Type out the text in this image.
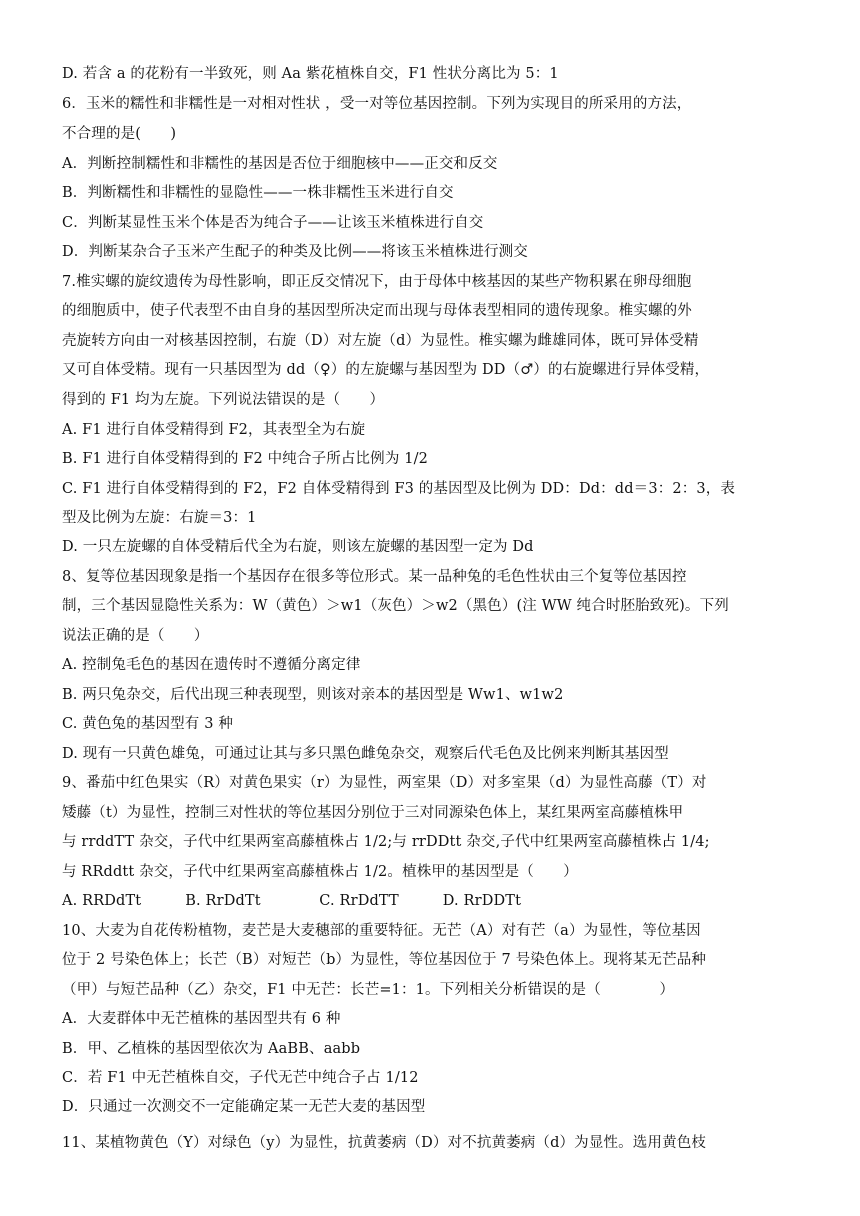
D. 若含 a 的花粉有一半致死，则 Aa 紫花植株自交，F1 性状分离比为 5：1
6．玉米的糯性和非糯性是一对相对性状 ，受一对等位基因控制。下列为实现目的所采用的方法，
不合理的是(　　)
A．判断控制糯性和非糯性的基因是否位于细胞核中——正交和反交
B．判断糯性和非糯性的显隐性——一株非糯性玉米进行自交
C．判断某显性玉米个体是否为纯合子——让该玉米植株进行自交
D．判断某杂合子玉米产生配子的种类及比例——将该玉米植株进行测交
7.椎实螺的旋纹遗传为母性影响，即正反交情况下，由于母体中核基因的某些产物积累在卵母细胞
的细胞质中，使子代表型不由自身的基因型所决定而出现与母体表型相同的遗传现象。椎实螺的外
壳旋转方向由一对核基因控制，右旋（D）对左旋（d）为显性。椎实螺为雌雄同体，既可异体受精
又可自体受精。现有一只基因型为 dd（♀）的左旋螺与基因型为 DD（♂）的右旋螺进行异体受精，
得到的 F1 均为左旋。下列说法错误的是（　　）
A. F1 进行自体受精得到 F2，其表型全为右旋
B. F1 进行自体受精得到的 F2 中纯合子所占比例为 1/2
C. F1 进行自体受精得到的 F2，F2 自体受精得到 F3 的基因型及比例为 DD：Dd：dd＝3：2：3，表
型及比例为左旋：右旋＝3：1
D. 一只左旋螺的自体受精后代全为右旋，则该左旋螺的基因型一定为 Dd
8、复等位基因现象是指一个基因存在很多等位形式。某一品种兔的毛色性状由三个复等位基因控
制，三个基因显隐性关系为：W（黄色）＞w1（灰色）＞w2（黑色）(注 WW 纯合时胚胎致死)。下列
说法正确的是（　　）
A. 控制兔毛色的基因在遗传时不遵循分离定律
B. 两只兔杂交，后代出现三种表现型，则该对亲本的基因型是 Ww1、w1w2
C. 黄色兔的基因型有 3 种
D. 现有一只黄色雄兔，可通过让其与多只黑色雌兔杂交，观察后代毛色及比例来判断其基因型
9、番茄中红色果实（R）对黄色果实（r）为显性，两室果（D）对多室果（d）为显性高藤（T）对
矮藤（t）为显性，控制三对性状的等位基因分别位于三对同源染色体上，某红果两室高藤植株甲
与 rrddTT 杂交，子代中红果两室高藤植株占 1/2;与 rrDDtt 杂交,子代中红果两室高藤植株占 1/4;
与 RRddtt 杂交，子代中红果两室高藤植株占 1/2。植株甲的基因型是（　　）
A. RRDdTt　　　B. RrDdTt　　　　C. RrDdTT　　　D. RrDDTt
10、大麦为自花传粉植物，麦芒是大麦穗部的重要特征。无芒（A）对有芒（a）为显性，等位基因
位于 2 号染色体上；长芒（B）对短芒（b）为显性，等位基因位于 7 号染色体上。现将某无芒品种
（甲）与短芒品种（乙）杂交，F1 中无芒：长芒=1：1。下列相关分析错误的是（　　　　）
A．大麦群体中无芒植株的基因型共有 6 种
B．甲、乙植株的基因型依次为 AaBB、aabb
C．若 F1 中无芒植株自交，子代无芒中纯合子占 1/12
D．只通过一次测交不一定能确定某一无芒大麦的基因型
11、某植物黄色（Y）对绿色（y）为显性，抗黄萎病（D）对不抗黄萎病（d）为显性。选用黄色枝
